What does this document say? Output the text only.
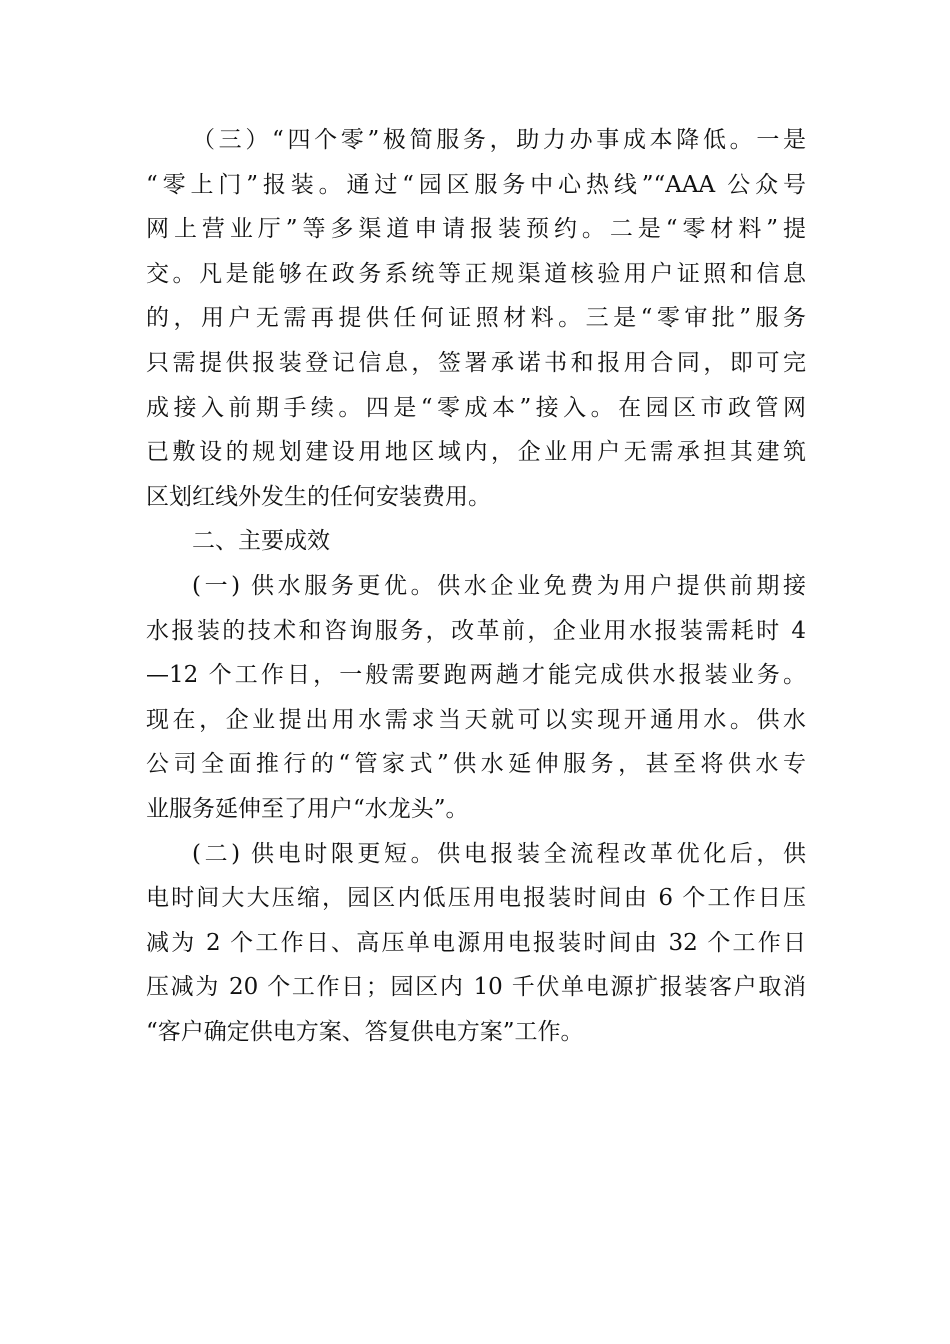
（三）“四个零”极简服务，助力办事成本降低。一是
“零上门”报装。通过“园区服务中心热线”“AAA 公众号
网上营业厅”等多渠道申请报装预约。二是“零材料”提
交。凡是能够在政务系统等正规渠道核验用户证照和信息
的，用户无需再提供任何证照材料。三是“零审批”服务
只需提供报装登记信息，签署承诺书和报用合同，即可完
成接入前期手续。四是“零成本”接入。在园区市政管网
已敷设的规划建设用地区域内，企业用户无需承担其建筑
区划红线外发生的任何安装费用。
二、主要成效
(一) 供水服务更优。供水企业免费为用户提供前期接
水报装的技术和咨询服务，改革前，企业用水报装需耗时 4
—12 个工作日，一般需要跑两趟才能完成供水报装业务。
现在，企业提出用水需求当天就可以实现开通用水。供水
公司全面推行的“管家式”供水延伸服务，甚至将供水专
业服务延伸至了用户“水龙头”。
(二) 供电时限更短。供电报装全流程改革优化后，供
电时间大大压缩，园区内低压用电报装时间由 6 个工作日压
减为 2 个工作日、高压单电源用电报装时间由 32 个工作日
压减为 20 个工作日；园区内 10 千伏单电源扩报装客户取消
“客户确定供电方案、答复供电方案”工作。
